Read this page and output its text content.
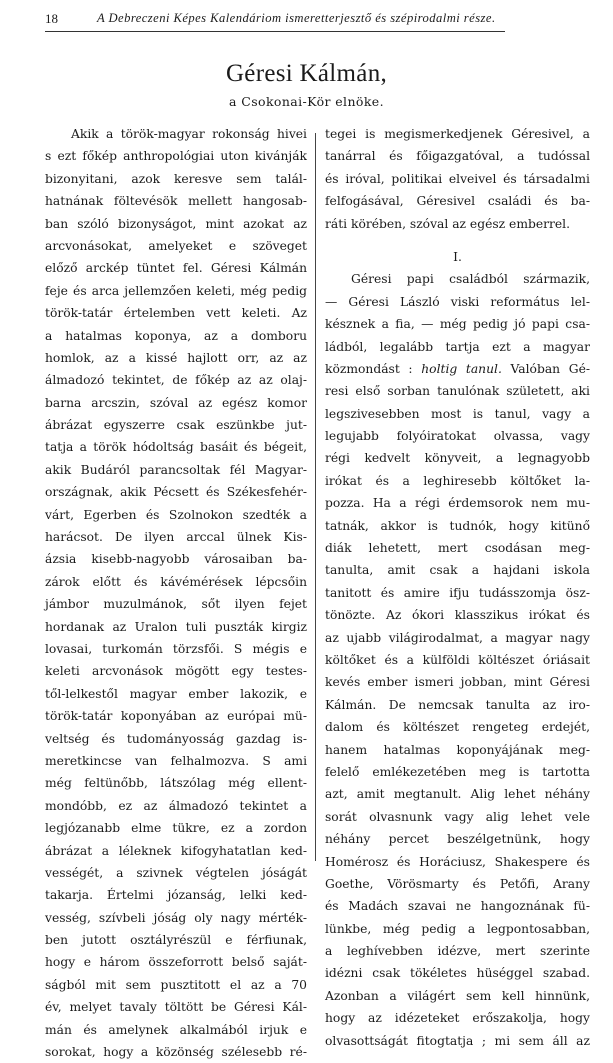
18	A Debreczeni Képes Kalendáriom ismeretterjesztő és szépirodalmi része.
Géresi Kálmán,
a Csokonai-Kör elnöke.
Akik a török-magyar rokonság hivei
s ezt főkép anthropológiai uton kivánják
bizonyitani, azok keresve sem talál-
hatnának föltevésök mellett hangosab-
ban szóló bizonyságot, mint azokat az
arcvonásokat, amelyeket e szöveget
előző arckép tüntet fel. Géresi Kálmán
feje és arca jellemzően keleti, még pedig
török-tatár értelemben vett keleti. Az
a hatalmas koponya, az a domboru
homlok, az a kissé hajlott orr, az az
álmadozó tekintet, de főkép az az olaj-
barna arcszin, szóval az egész komor
ábrázat egyszerre csak eszünkbe jut-
tatja a török hódoltság basáit és bégeit,
akik Budáról parancsoltak fél Magyar-
országnak, akik Pécsett és Székesfehér-
várt, Egerben és Szolnokon szedték a
harácsot. De ilyen arccal ülnek Kis-
ázsia kisebb-nagyobb városaiban ba-
zárok előtt és kávémérések lépcsőin
jámbor muzulmánok, sőt ilyen fejet
hordanak az Uralon tuli puszták kirgiz
lovasai, turkomán törzsfői. S mégis e
keleti arcvonások mögött egy testes-
től-lelkestől magyar ember lakozik, e
török-tatár koponyában az európai mü-
veltség és tudományosság gazdag is-
meretkincse van felhalmozva. S ami
még feltünőbb, látszólag még ellent-
mondóbb, ez az álmadozó tekintet a
legjózanabb elme tükre, ez a zordon
ábrázat a léleknek kifogyhatatlan ked-
vességét, a szivnek végtelen jóságát
takarja. Értelmi józanság, lelki ked-
vesség, szívbeli jóság oly nagy mérték-
ben jutott osztályrészül e férfiunak,
hogy e három összeforrott belső saját-
ságból mit sem pusztitott el az a 70
év, melyet tavaly töltött be Géresi Kál-
mán és amelynek alkalmából irjuk e
sorokat, hogy a közönség szélesebb ré-
tegei is megismerkedjenek Géresivel, a
tanárral és főigazgatóval, a tudóssal
és iróval, politikai elveivel és társadalmi
felfogásával, Géresivel családi és ba-
ráti körében, szóval az egész emberrel.
I.
Géresi papi családból származik,
— Géresi László viski református lel-
késznek a fia, — még pedig jó papi csa-
ládból, legalább tartja ezt a magyar
közmondást : holtig tanul. Valóban Gé-
resi első sorban tanulónak született, aki
legszivesebben most is tanul, vagy a
legujabb folyóiratokat olvassa, vagy
régi kedvelt könyveit, a legnagyobb
irókat és a leghiresebb költőket la-
pozza. Ha a régi érdemsorok nem mu-
tatnák, akkor is tudnók, hogy kitünő
diák lehetett, mert csodásan meg-
tanulta, amit csak a hajdani iskola
tanitott és amire ifju tudásszomja ösz-
tönözte. Az ókori klasszikus irókat és
az ujabb világirodalmat, a magyar nagy
költőket és a külföldi költészet óriásait
kevés ember ismeri jobban, mint Géresi
Kálmán. De nemcsak tanulta az iro-
dalom és költészet rengeteg erdejét,
hanem hatalmas koponyájának meg-
felelő emlékezetében meg is tartotta
azt, amit megtanult. Alig lehet néhány
sorát olvasnunk vagy alig lehet vele
néhány percet beszélgetnünk, hogy
Homérosz és Horáciusz, Shakespere és
Goethe, Vörösmarty és Petőfi, Arany
és Madách szavai ne hangoznának fü-
lünkbe, még pedig a legpontosabban,
a leghívebben idézve, mert szerinte
idézni csak tökéletes hüséggel szabad.
Azonban a világért sem kell hinnünk,
hogy az idézeteket erőszakolja, hogy
olvasottságát fitogtatja ; mi sem áll az
